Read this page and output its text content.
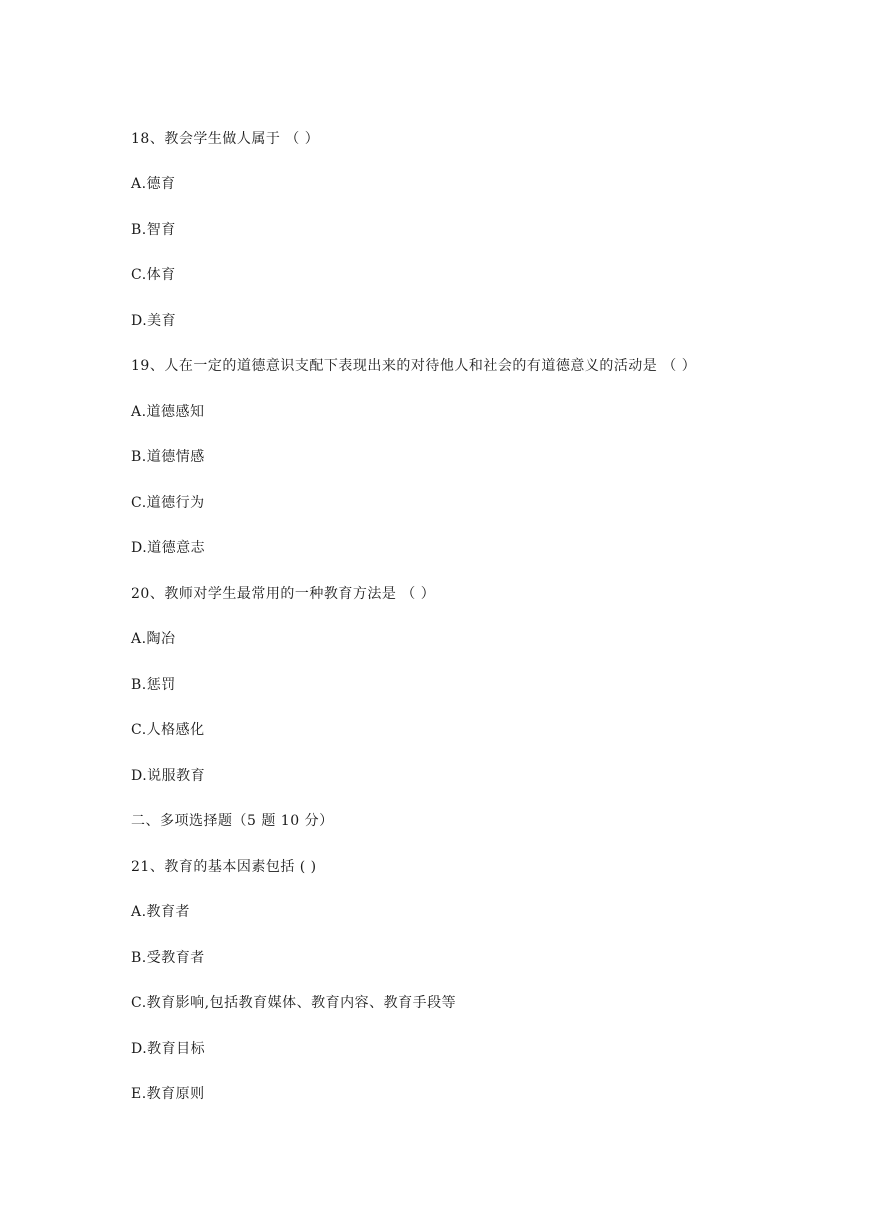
18、教会学生做人属于 （ ）
A.德育
B.智育
C.体育
D.美育
19、人在一定的道德意识支配下表现出来的对待他人和社会的有道德意义的活动是 （ ）
A.道德感知
B.道德情感
C.道德行为
D.道德意志
20、教师对学生最常用的一种教育方法是 （ ）
A.陶冶
B.惩罚
C.人格感化
D.说服教育
二、多项选择题（5 题 10 分）
21、教育的基本因素包括 ( )
A.教育者
B.受教育者
C.教育影响,包括教育媒体、教育内容、教育手段等
D.教育目标
E.教育原则
